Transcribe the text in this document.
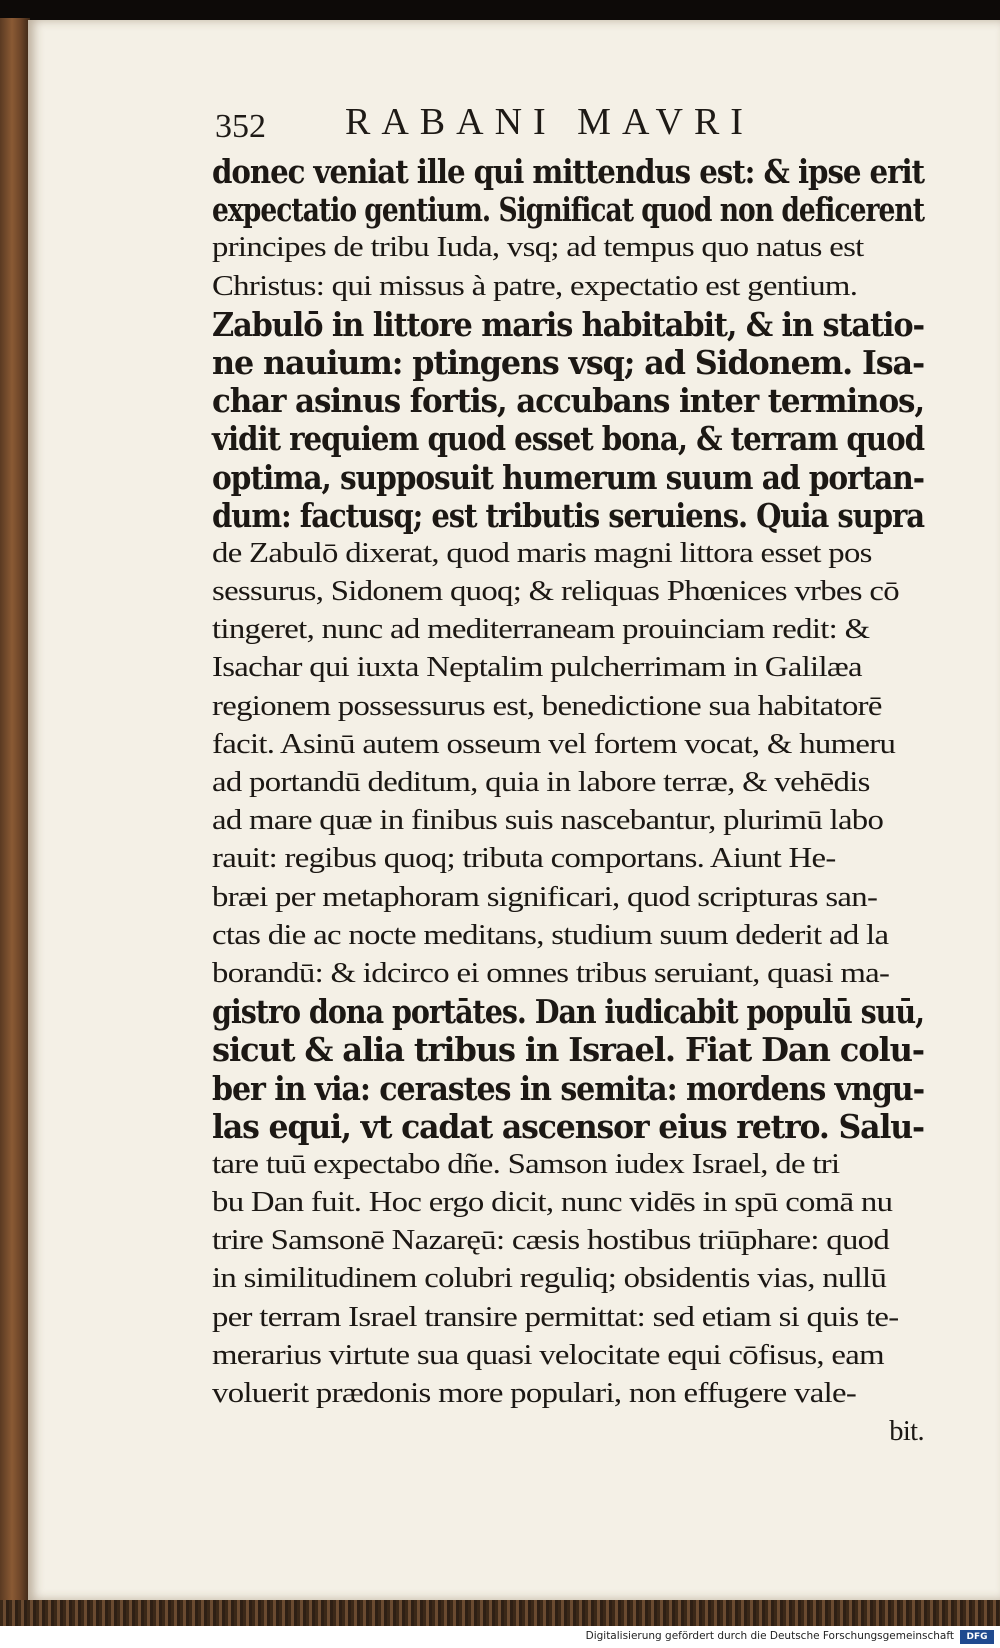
352 RABANI MAVRI
donec veniat ille qui mittendus est: & ipse erit
expectatio gentium. Significat quod non deficerent
principes de tribu Iuda, vsq; ad tempus quo natus est
Christus: qui missus à patre, expectatio est gentium.
Zabulō in littore maris habitabit, & in statio-
ne nauium: ptingens vsq; ad Sidonem. Isa-
char asinus fortis, accubans inter terminos,
vidit requiem quod esset bona, & terram quod
optima, supposuit humerum suum ad portan-
dum: factusq; est tributis seruiens. Quia supra
de Zabulō dixerat, quod maris magni littora esset pos
sessurus, Sidonem quoq; & reliquas Phœnices vrbes cō
tingeret, nunc ad mediterraneam prouinciam redit: &
Isachar qui iuxta Neptalim pulcherrimam in Galilæa
regionem possessurus est, benedictione sua habitatorē
facit. Asinū autem osseum vel fortem vocat, & humeru
ad portandū deditum, quia in labore terræ, & vehēdis
ad mare quæ in finibus suis nascebantur, plurimū labo
rauit: regibus quoq; tributa comportans. Aiunt He-
bræi per metaphoram significari, quod scripturas san-
ctas die ac nocte meditans, studium suum dederit ad la
borandū: & idcirco ei omnes tribus seruiant, quasi ma-
gistro dona portātes. Dan iudicabit populū suū,
sicut & alia tribus in Israel. Fiat Dan colu-
ber in via: cerastes in semita: mordens vngu-
las equi, vt cadat ascensor eius retro. Salu-
tare tuū expectabo dñe. Samson iudex Israel, de tri
bu Dan fuit. Hoc ergo dicit, nunc vidēs in spū comā nu
trire Samsonē Nazaręū: cæsis hostibus triūphare: quod
in similitudinem colubri reguliq; obsidentis vias, nullū
per terram Israel transire permittat: sed etiam si quis te-
merarius virtute sua quasi velocitate equi cōfisus, eam
voluerit prædonis more populari, non effugere vale-
bit.
Digitalisierung gefördert durch die Deutsche Forschungsgemeinschaft	DFG
